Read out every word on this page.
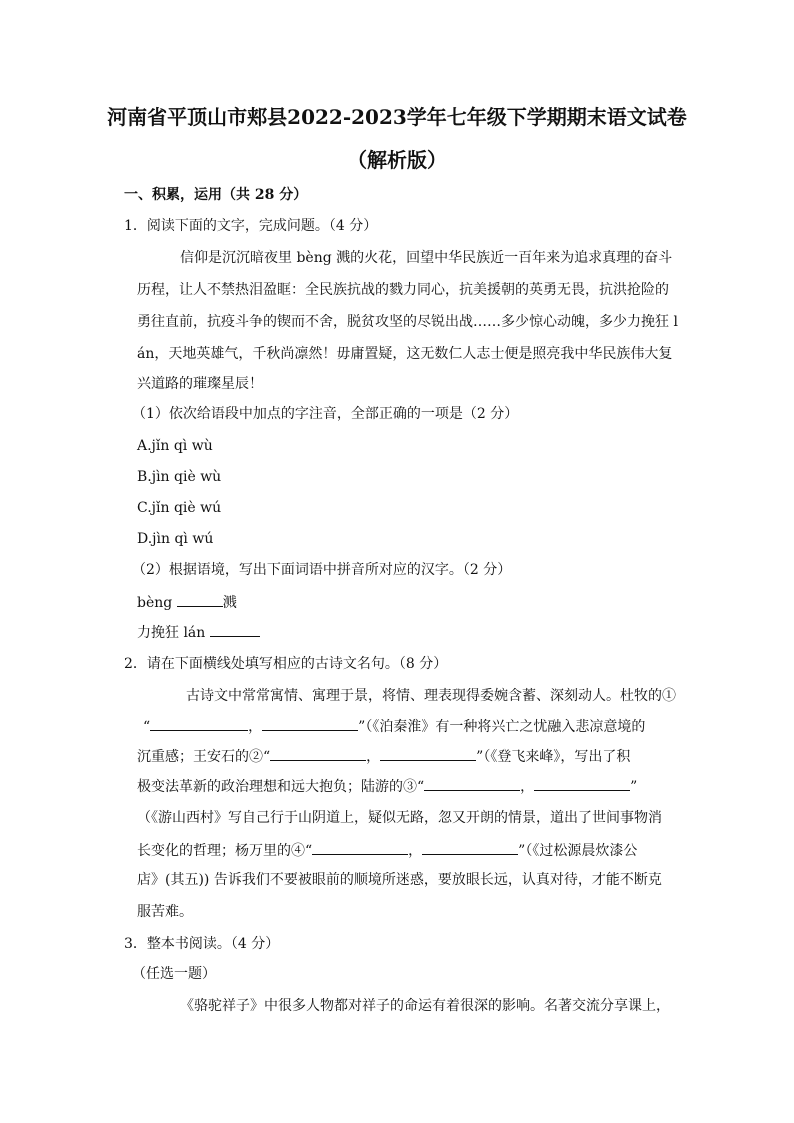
河南省平顶山市郏县2022-2023学年七年级下学期期末语文试卷
（解析版）
一、积累，运用（共 28 分）
1．阅读下面的文字，完成问题。（4 分）
信仰是沉沉暗夜里 bèng 溅的火花，回望中华民族近一百年来为追求真理的奋斗
历程，让人不禁热泪盈眶：全民族抗战的戮力同心，抗美援朝的英勇无畏，抗洪抢险的
勇往直前，抗疫斗争的锲而不舍，脱贫攻坚的尽锐出战……多少惊心动魄，多少力挽狂 l
án，天地英雄气，千秋尚凛然！毋庸置疑，这无数仁人志士便是照亮我中华民族伟大复
兴道路的璀璨星辰！
（1）依次给语段中加点的字注音，全部正确的一项是（2 分）
A.jǐn qì wù
B.jìn qiè wù
C.jǐn qiè wú
D.jìn qì wú
（2）根据语境，写出下面词语中拼音所对应的汉字。（2 分）
bèng	溅
力挽狂 lán
2．请在下面横线处填写相应的古诗文名句。（8 分）
古诗文中常常寓情、寓理于景，将情、理表现得委婉含蓄、深刻动人。杜牧的①
“	，	”（《泊秦淮》有一种将兴亡之忧融入悲凉意境的
沉重感；王安石的②“	，	”（《登飞来峰》，写出了积
极变法革新的政治理想和远大抱负；陆游的③“	，	”
（《游山西村》写自己行于山阴道上，疑似无路，忽又开朗的情景，道出了世间事物消
长变化的哲理；杨万里的④“	，	”（《过松源晨炊漆公
店》(其五)) 告诉我们不要被眼前的顺境所迷惑，要放眼长远，认真对待，才能不断克
服苦难。
3．整本书阅读。（4 分）
（任选一题）
《骆驼祥子》中很多人物都对祥子的命运有着很深的影响。名著交流分享课上，
